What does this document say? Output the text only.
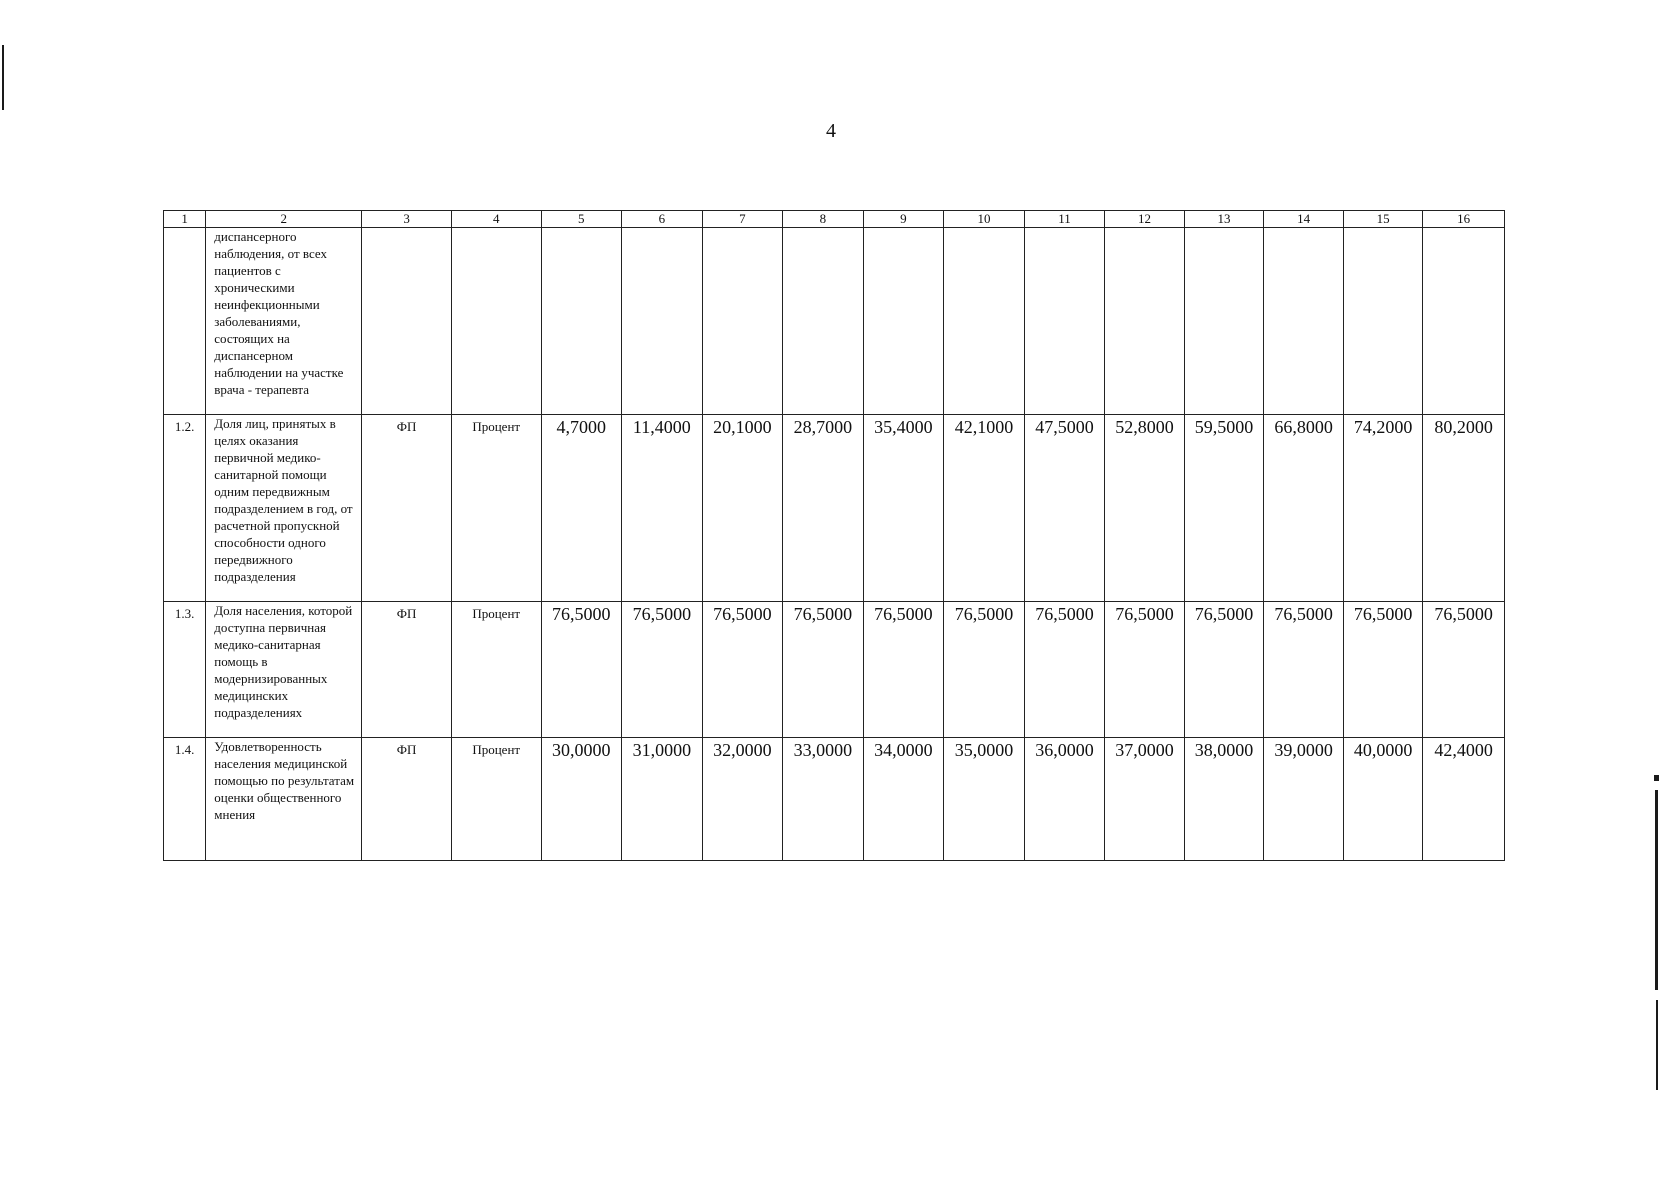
4
1	2	3	4	5	6	7	8	9	10	11	12	13	14	15	16
	диспансерного наблюдения, от всех пациентов с хроническими неинфекционными заболеваниями, состоящих на диспансерном наблюдении на участке врача - терапевта														
1.2.	Доля лиц, принятых в целях оказания первичной медико-санитарной помощи одним передвижным подразделением в год, от расчетной пропускной способности одного передвижного подразделения	ФП	Процент	4,7000	11,4000	20,1000	28,7000	35,4000	42,1000	47,5000	52,8000	59,5000	66,8000	74,2000	80,2000
1.3.	Доля населения, которой доступна первичная медико-санитарная помощь в модернизированных медицинских подразделениях	ФП	Процент	76,5000	76,5000	76,5000	76,5000	76,5000	76,5000	76,5000	76,5000	76,5000	76,5000	76,5000	76,5000
1.4.	Удовлетворенность населения медицинской помощью по результатам оценки общественного мнения	ФП	Процент	30,0000	31,0000	32,0000	33,0000	34,0000	35,0000	36,0000	37,0000	38,0000	39,0000	40,0000	42,4000
